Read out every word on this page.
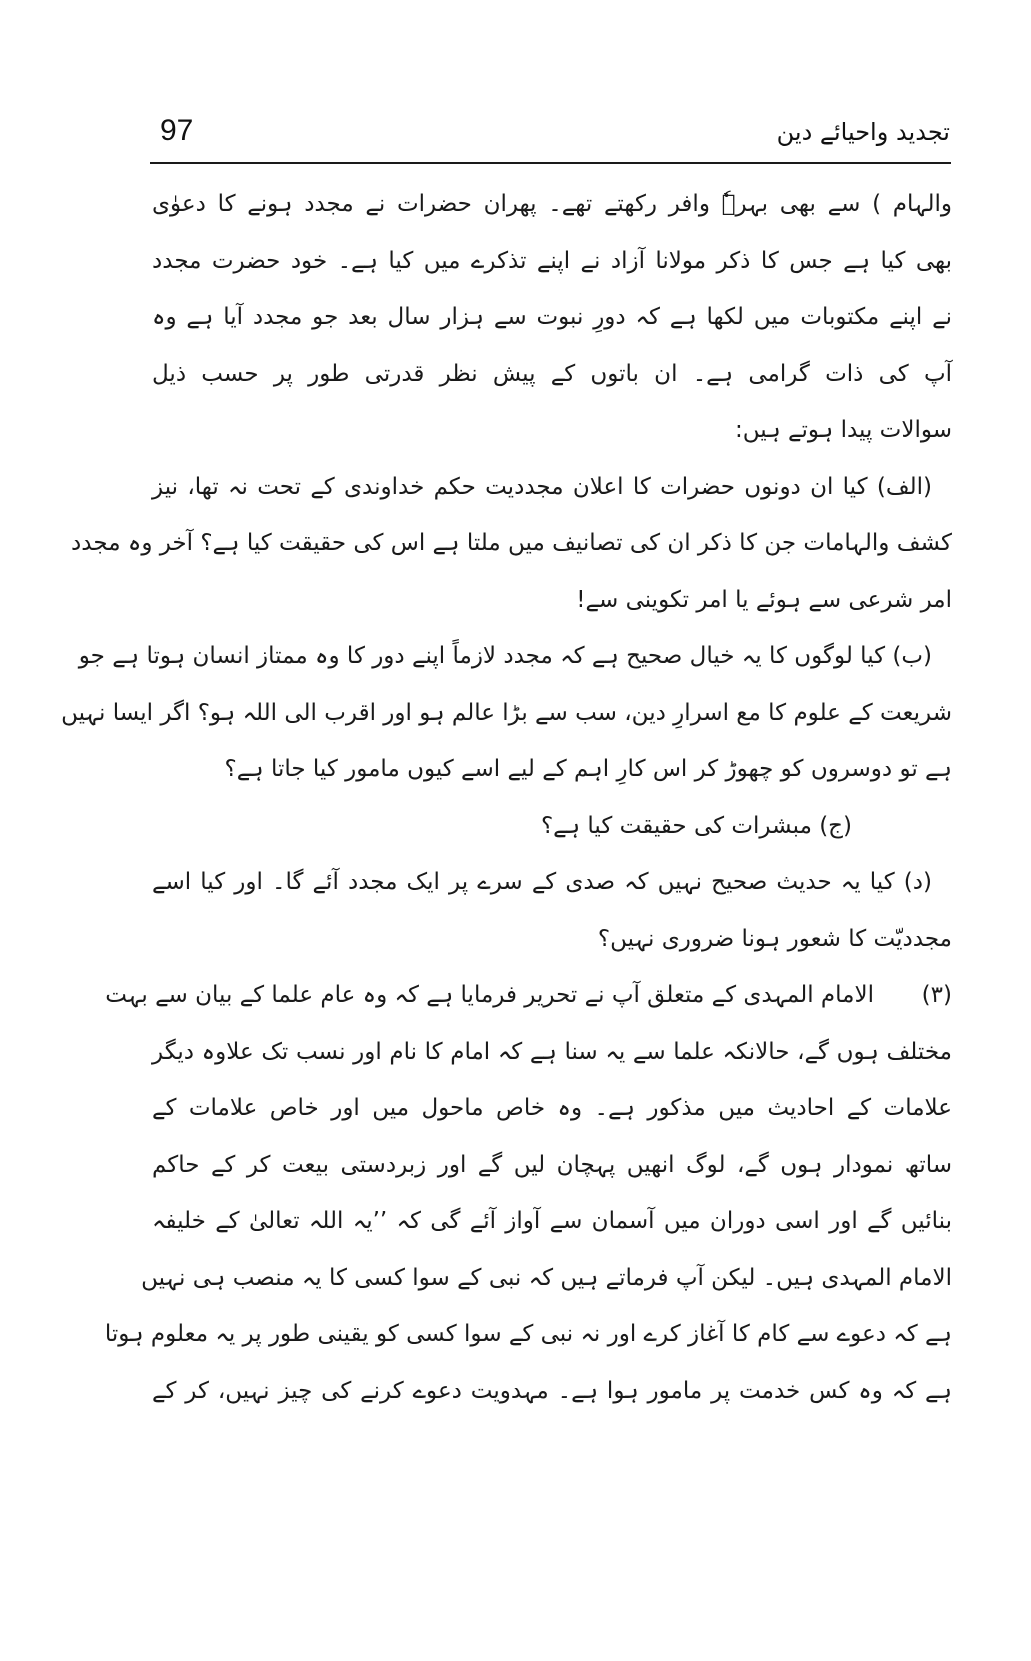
97	تجدید واحیائے دین
والہام ) سے بھی بہرہٗ وافر رکھتے تھے۔ پھران حضرات نے مجدد ہونے کا دعوٰی
بھی کیا ہے جس کا ذکر مولانا آزاد نے اپنے تذکرے میں کیا ہے۔ خود حضرت مجدد
نے اپنے مکتوبات میں لکھا ہے کہ دورِ نبوت سے ہزار سال بعد جو مجدد آیا ہے وہ
آپ کی ذات گرامی ہے۔ ان باتوں کے پیش نظر قدرتی طور پر حسب ذیل
سوالات پیدا ہوتے ہیں:
(الف) کیا ان دونوں حضرات کا اعلان مجددیت حکم خداوندی کے تحت نہ تھا، نیز
کشف والہامات جن کا ذکر ان کی تصانیف میں ملتا ہے اس کی حقیقت کیا ہے؟ آخر وہ مجدد
امر شرعی سے ہوئے یا امر تکوینی سے!
(ب) کیا لوگوں کا یہ خیال صحیح ہے کہ مجدد لازماً اپنے دور کا وہ ممتاز انسان ہوتا ہے جو
شریعت کے علوم کا مع اسرارِ دین، سب سے بڑا عالم ہو اور اقرب الی اللہ ہو؟ اگر ایسا نہیں
ہے تو دوسروں کو چھوڑ کر اس کارِ اہم کے لیے اسے کیوں مامور کیا جاتا ہے؟
(ج) مبشرات کی حقیقت کیا ہے؟
(د) کیا یہ حدیث صحیح نہیں کہ صدی کے سرے پر ایک مجدد آئے گا۔ اور کیا اسے
مجددیّت کا شعور ہونا ضروری نہیں؟
(۳)
الامام المہدی کے متعلق آپ نے تحریر فرمایا ہے کہ وہ عام علما کے بیان سے بہت
مختلف ہوں گے، حالانکہ علما سے یہ سنا ہے کہ امام کا نام اور نسب تک علاوہ دیگر
علامات کے احادیث میں مذکور ہے۔ وہ خاص ماحول میں اور خاص علامات کے
ساتھ نمودار ہوں گے، لوگ انھیں پہچان لیں گے اور زبردستی بیعت کر کے حاکم
بنائیں گے اور اسی دوران میں آسمان سے آواز آئے گی کہ ’’یہ اللہ تعالیٰ کے خلیفہ
الامام المہدی ہیں۔ لیکن آپ فرماتے ہیں کہ نبی کے سوا کسی کا یہ منصب ہی نہیں
ہے کہ دعوے سے کام کا آغاز کرے اور نہ نبی کے سوا کسی کو یقینی طور پر یہ معلوم ہوتا
ہے کہ وہ کس خدمت پر مامور ہوا ہے۔ مہدویت دعوے کرنے کی چیز نہیں، کر کے
